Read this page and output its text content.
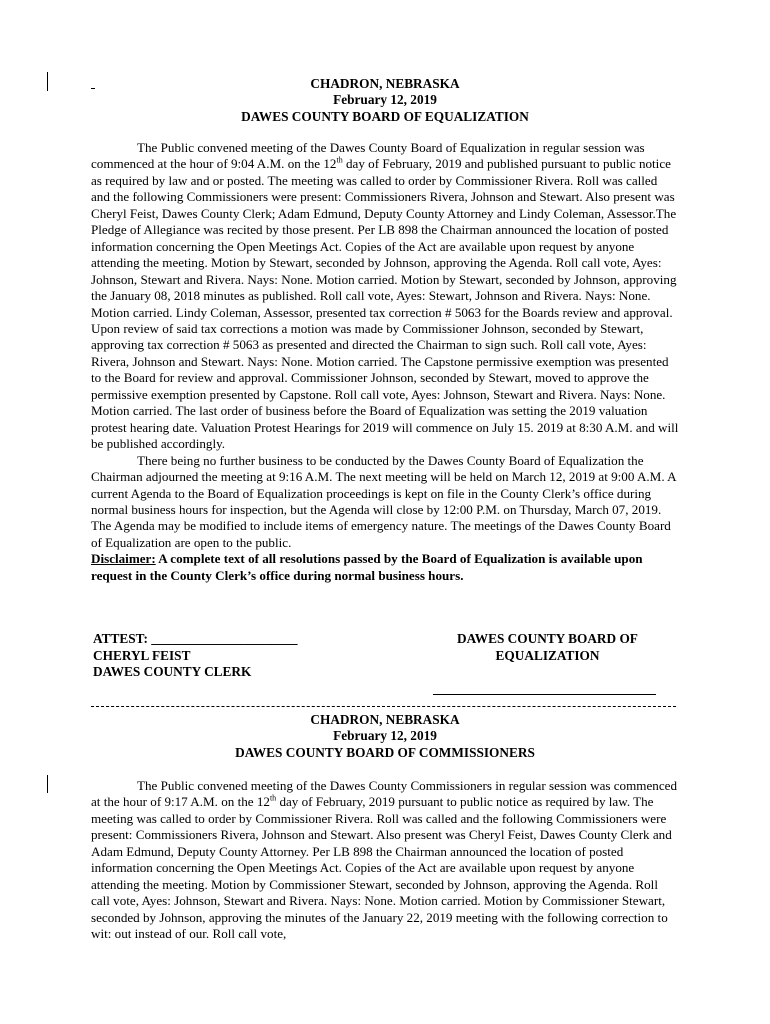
CHADRON, NEBRASKA
February 12, 2019
DAWES COUNTY BOARD OF EQUALIZATION

The Public convened meeting of the Dawes County Board of Equalization in regular session was commenced at the hour of 9:04 A.M. on the 12th day of February, 2019 and published pursuant to public notice as required by law and or posted. The meeting was called to order by Commissioner Rivera. Roll was called and the following Commissioners were present: Commissioners Rivera, Johnson and Stewart. Also present was Cheryl Feist, Dawes County Clerk; Adam Edmund, Deputy County Attorney and Lindy Coleman, Assessor.The Pledge of Allegiance was recited by those present. Per LB 898 the Chairman announced the location of posted information concerning the Open Meetings Act. Copies of the Act are available upon request by anyone attending the meeting. Motion by Stewart, seconded by Johnson, approving the Agenda. Roll call vote, Ayes: Johnson, Stewart and Rivera. Nays: None. Motion carried. Motion by Stewart, seconded by Johnson, approving the January 08, 2018 minutes as published. Roll call vote, Ayes: Stewart, Johnson and Rivera. Nays: None. Motion carried. Lindy Coleman, Assessor, presented tax correction # 5063 for the Boards review and approval. Upon review of said tax corrections a motion was made by Commissioner Johnson, seconded by Stewart, approving tax correction # 5063 as presented and directed the Chairman to sign such. Roll call vote, Ayes: Rivera, Johnson and Stewart. Nays: None. Motion carried. The Capstone permissive exemption was presented to the Board for review and approval. Commissioner Johnson, seconded by Stewart, moved to approve the permissive exemption presented by Capstone. Roll call vote, Ayes: Johnson, Stewart and Rivera. Nays: None. Motion carried. The last order of business before the Board of Equalization was setting the 2019 valuation protest hearing date. Valuation Protest Hearings for 2019 will commence on July 15. 2019 at 8:30 A.M. and will be published accordingly.

There being no further business to be conducted by the Dawes County Board of Equalization the Chairman adjourned the meeting at 9:16 A.M. The next meeting will be held on March 12, 2019 at 9:00 A.M. A current Agenda to the Board of Equalization proceedings is kept on file in the County Clerk’s office during normal business hours for inspection, but the Agenda will close by 12:00 P.M. on Thursday, March 07, 2019. The Agenda may be modified to include items of emergency nature. The meetings of the Dawes County Board of Equalization are open to the public.

Disclaimer: A complete text of all resolutions passed by the Board of Equalization is available upon request in the County Clerk’s office during normal business hours.

ATTEST: ______________________
CHERYL FEIST
DAWES COUNTY CLERK
DAWES COUNTY BOARD OF
EQUALIZATION
CHADRON, NEBRASKA
February 12, 2019
DAWES COUNTY BOARD OF COMMISSIONERS

The Public convened meeting of the Dawes County Commissioners in regular session was commenced at the hour of 9:17 A.M. on the 12th day of February, 2019 pursuant to public notice as required by law. The meeting was called to order by Commissioner Rivera. Roll was called and the following Commissioners were present: Commissioners Rivera, Johnson and Stewart. Also present was Cheryl Feist, Dawes County Clerk and Adam Edmund, Deputy County Attorney. Per LB 898 the Chairman announced the location of posted information concerning the Open Meetings Act. Copies of the Act are available upon request by anyone attending the meeting. Motion by Commissioner Stewart, seconded by Johnson, approving the Agenda. Roll call vote, Ayes: Johnson, Stewart and Rivera. Nays: None. Motion carried. Motion by Commissioner Stewart, seconded by Johnson, approving the minutes of the January 22, 2019 meeting with the following correction to wit: out instead of our. Roll call vote,
